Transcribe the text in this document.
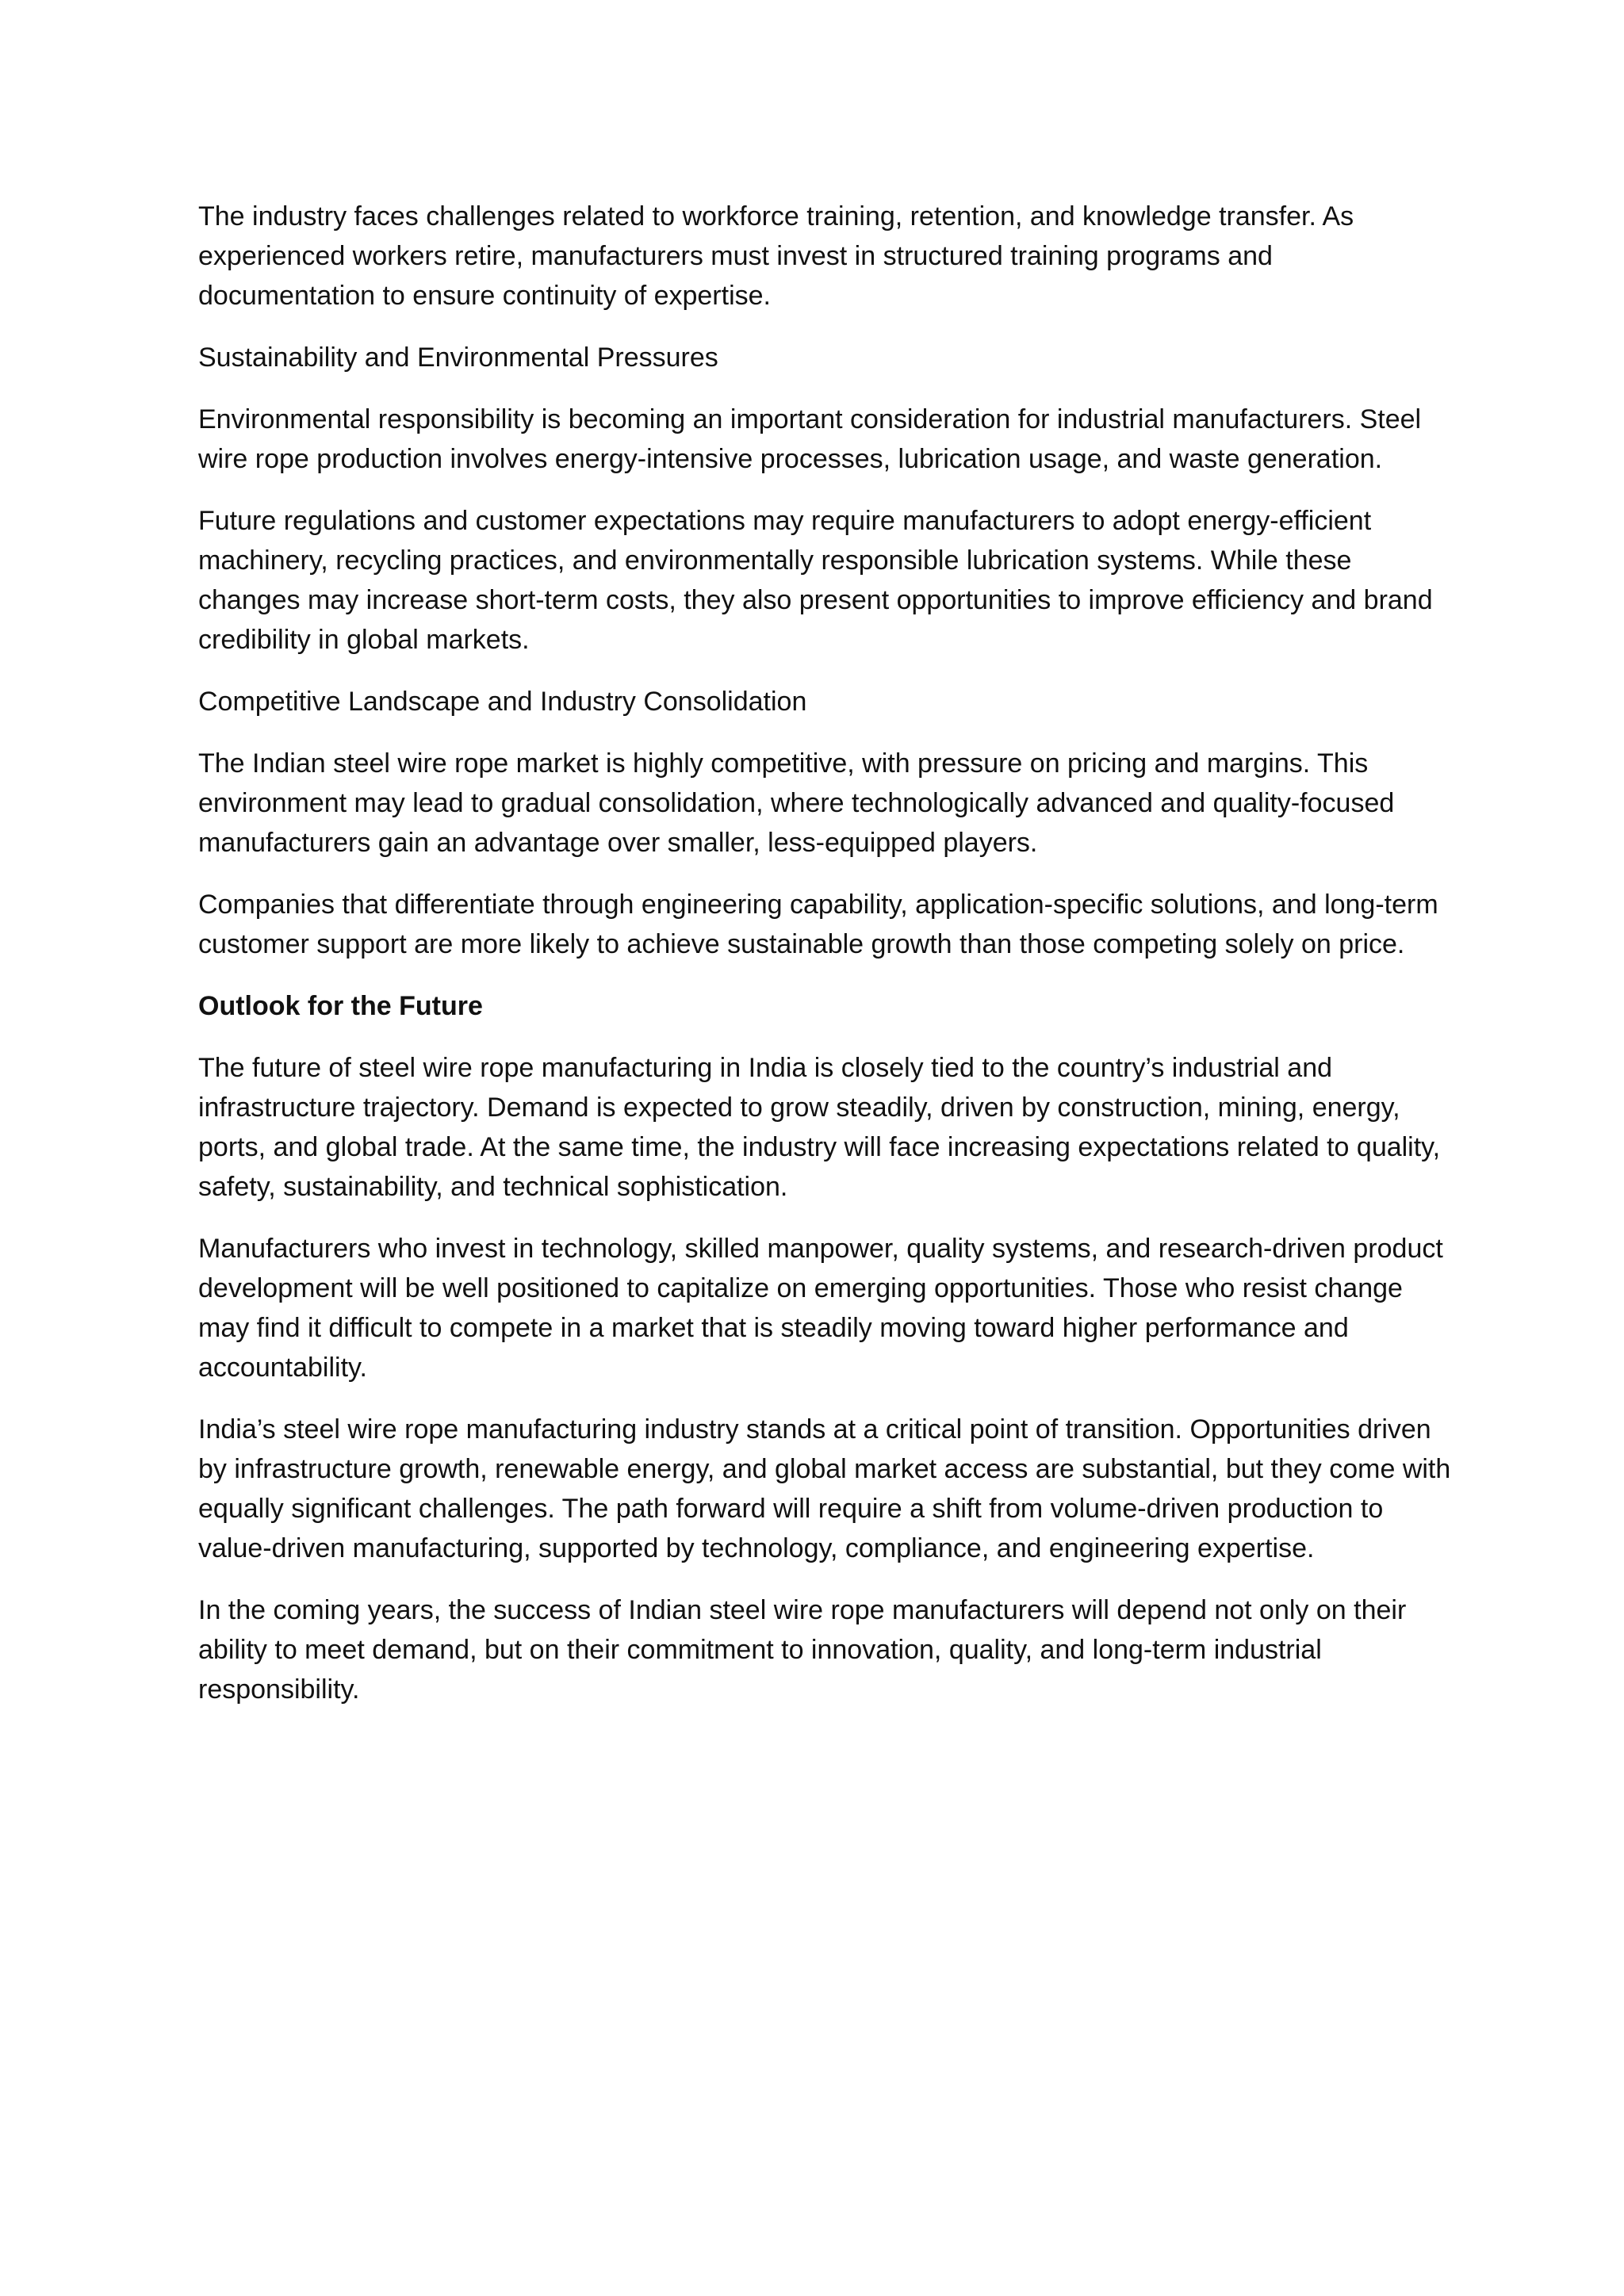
The industry faces challenges related to workforce training, retention, and knowledge transfer. As experienced workers retire, manufacturers must invest in structured training programs and documentation to ensure continuity of expertise.

Sustainability and Environmental Pressures

Environmental responsibility is becoming an important consideration for industrial manufacturers. Steel wire rope production involves energy-intensive processes, lubrication usage, and waste generation.

Future regulations and customer expectations may require manufacturers to adopt energy-efficient machinery, recycling practices, and environmentally responsible lubrication systems. While these changes may increase short-term costs, they also present opportunities to improve efficiency and brand credibility in global markets.

Competitive Landscape and Industry Consolidation

The Indian steel wire rope market is highly competitive, with pressure on pricing and margins. This environment may lead to gradual consolidation, where technologically advanced and quality-focused manufacturers gain an advantage over smaller, less-equipped players.

Companies that differentiate through engineering capability, application-specific solutions, and long-term customer support are more likely to achieve sustainable growth than those competing solely on price.

Outlook for the Future

The future of steel wire rope manufacturing in India is closely tied to the country’s industrial and infrastructure trajectory. Demand is expected to grow steadily, driven by construction, mining, energy, ports, and global trade. At the same time, the industry will face increasing expectations related to quality, safety, sustainability, and technical sophistication.

Manufacturers who invest in technology, skilled manpower, quality systems, and research-driven product development will be well positioned to capitalize on emerging opportunities. Those who resist change may find it difficult to compete in a market that is steadily moving toward higher performance and accountability.

India’s steel wire rope manufacturing industry stands at a critical point of transition. Opportunities driven by infrastructure growth, renewable energy, and global market access are substantial, but they come with equally significant challenges. The path forward will require a shift from volume-driven production to value-driven manufacturing, supported by technology, compliance, and engineering expertise.

In the coming years, the success of Indian steel wire rope manufacturers will depend not only on their ability to meet demand, but on their commitment to innovation, quality, and long-term industrial responsibility.
